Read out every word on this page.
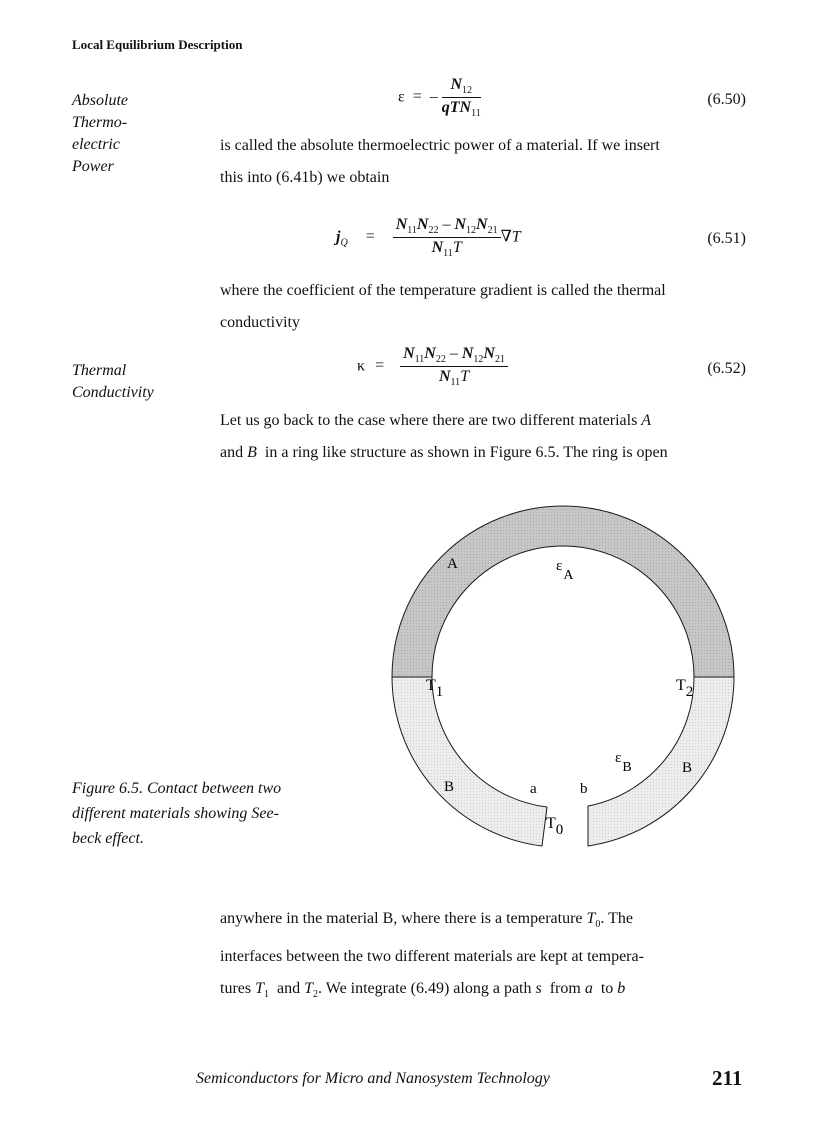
Local Equilibrium Description
Absolute
Thermo-
electric
Power
ε = – $\frac{N_{12}}{qTN_{11}}$	(6.50)
is called the absolute thermoelectric power of a material. If we insert
this into (6.41b) we obtain
$j_Q = \frac{N_{11}N_{22} - N_{12}N_{21}}{N_{11}T} \nabla T$	(6.51)
where the coefficient of the temperature gradient is called the thermal
conductivity
Thermal
Conductivity
$\kappa = \frac{N_{11}N_{22} - N_{12}N_{21}}{N_{11}T}$	(6.52)
Let us go back to the case where there are two different materials A
and B  in a ring like structure as shown in Figure 6.5. The ring is open
A	εA
T1	T2
εB
B
B
a	b
T0
Figure 6.5. Contact between two
different materials showing See-
beck effect.
anywhere in the material B, where there is a temperature $T_0$. The
interfaces between the two different materials are kept at tempera-
tures $T_1$  and $T_2$. We integrate (6.49) along a path s  from a  to b
Semiconductors for Micro and Nanosystem Technology	211
